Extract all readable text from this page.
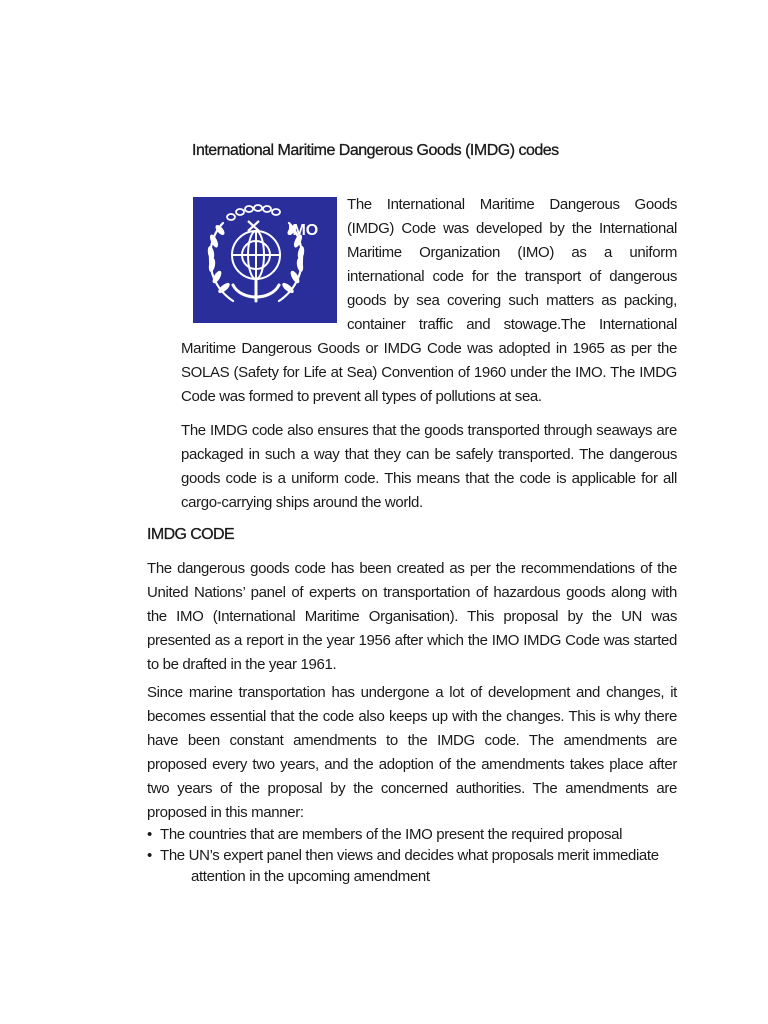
International Maritime Dangerous Goods (IMDG) codes
IMO

The International Maritime Dangerous Goods (IMDG) Code was developed by the International Maritime Organization (IMO) as a uniform international code for the transport of dangerous goods by sea covering such matters as packing, container traffic and stowage.The International Maritime Dangerous Goods or IMDG Code was adopted in 1965 as per the SOLAS (Safety for Life at Sea) Convention of 1960 under the IMO. The IMDG Code was formed to prevent all types of pollutions at sea.

The IMDG code also ensures that the goods transported through seaways are packaged in such a way that they can be safely transported. The dangerous goods code is a uniform code. This means that the code is applicable for all cargo-carrying ships around the world.

IMDG CODE

The dangerous goods code has been created as per the recommendations of the United Nations’ panel of experts on transportation of hazardous goods along with the IMO (International Maritime Organisation). This proposal by the UN was presented as a report in the year 1956 after which the IMO IMDG Code was started to be drafted in the year 1961.

Since marine transportation has undergone a lot of development and changes, it becomes essential that the code also keeps up with the changes. This is why there have been constant amendments to the IMDG code. The amendments are proposed every two years, and the adoption of the amendments takes place after two years of the proposal by the concerned authorities. The amendments are proposed in this manner:

• The countries that are members of the IMO present the required proposal
• The UN’s expert panel then views and decides what proposals merit immediate
attention in the upcoming amendment
